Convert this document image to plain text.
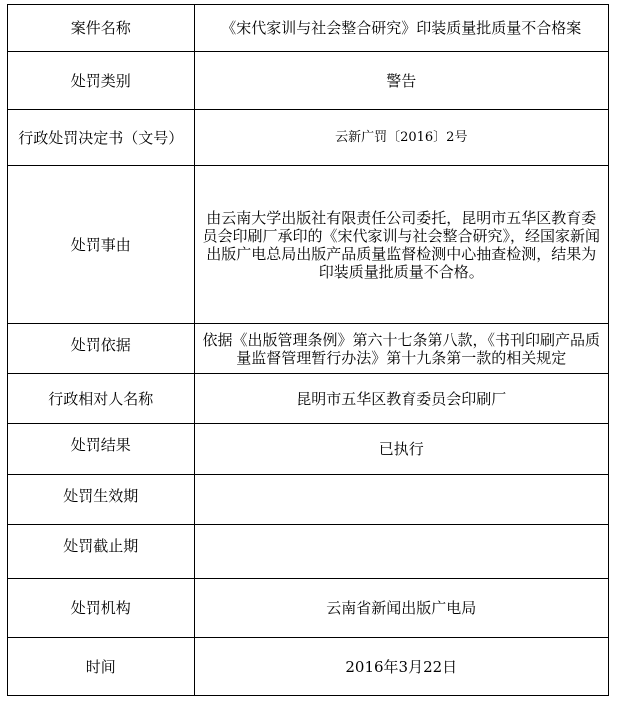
案件名称	《宋代家训与社会整合研究》印装质量批质量不合格案
处罚类别	警告
行政处罚决定书（文号）	云新广罚〔2016〕2号
处罚事由	由云南大学出版社有限责任公司委托，昆明市五华区教育委员会印刷厂承印的《宋代家训与社会整合研究》，经国家新闻出版广电总局出版产品质量监督检测中心抽查检测，结果为印装质量批质量不合格。
处罚依据	依据《出版管理条例》第六十七条第八款，《书刊印刷产品质量监督管理暂行办法》第十九条第一款的相关规定
行政相对人名称	昆明市五华区教育委员会印刷厂
处罚结果	已执行
处罚生效期	
处罚截止期	
处罚机构	云南省新闻出版广电局
时间	2016年3月22日
